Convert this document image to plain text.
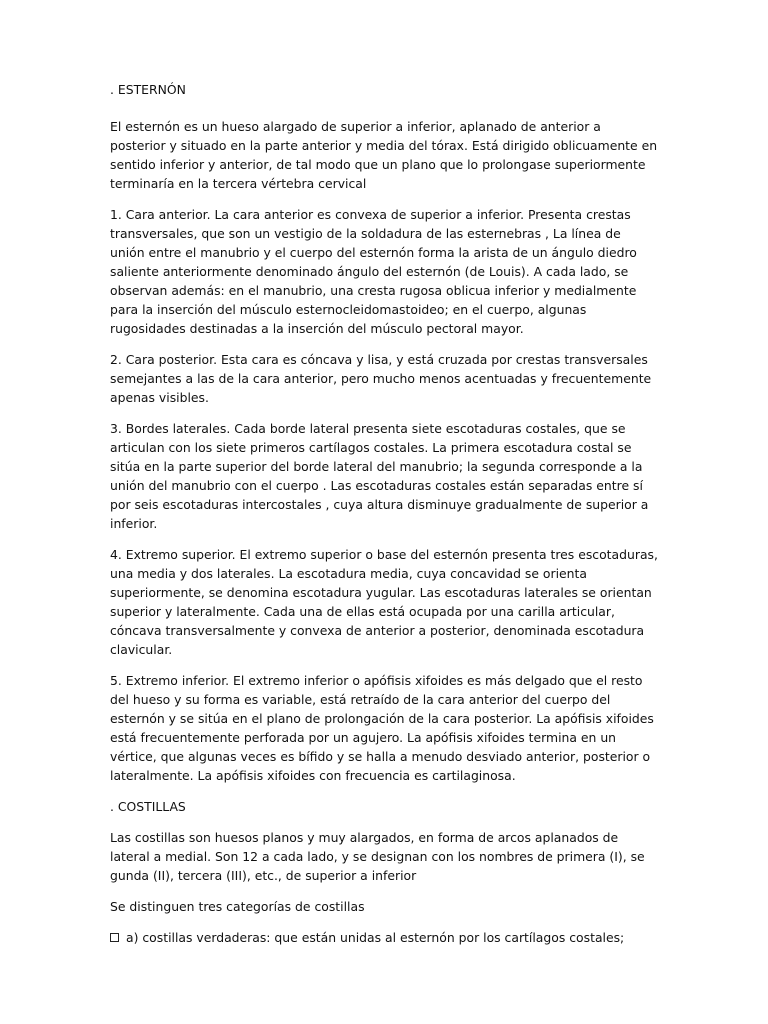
. ESTERNÓN

El esternón es un hueso alargado de superior a inferior, aplanado de anterior a posterior y situado en la parte anterior y media del tórax. Está dirigido oblicuamente en sentido inferior y anterior, de tal modo que un plano que lo prolongase superiormente terminaría en la tercera vértebra cervical

1. Cara anterior. La cara anterior es convexa de superior a inferior. Presenta crestas transversales, que son un vestigio de la soldadura de las esternebras , La línea de unión entre el manubrio y el cuerpo del esternón forma la arista de un ángulo diedro saliente anteriormente denominado ángulo del esternón (de Louis). A cada lado, se observan además: en el manubrio, una cresta rugosa oblicua inferior y medialmente para la inserción del músculo esternocleidomastoideo; en el cuerpo, algunas rugosidades destinadas a la inserción del músculo pectoral mayor.

2. Cara posterior. Esta cara es cóncava y lisa, y está cruzada por crestas transversales semejantes a las de la cara anterior, pero mucho menos acentuadas y frecuentemente apenas visibles.

3. Bordes laterales. Cada borde lateral presenta siete escotaduras costales, que se articulan con los siete primeros cartílagos costales. La primera escotadura costal se sitúa en la parte superior del borde lateral del manubrio; la segunda corresponde a la unión del manubrio con el cuerpo . Las escotaduras costales están separadas entre sí por seis escotaduras intercostales , cuya altura disminuye gradualmente de superior a inferior.

4. Extremo superior. El extremo superior o base del esternón presenta tres escotaduras, una media y dos laterales. La escotadura media, cuya concavidad se orienta superiormente, se denomina escotadura yugular. Las escotaduras laterales se orientan superior y lateralmente. Cada una de ellas está ocupada por una carilla articular, cóncava transversalmente y convexa de anterior a posterior, denominada escotadura clavicular.

5. Extremo inferior. El extremo inferior o apófisis xifoides es más delgado que el resto del hueso y su forma es variable, está retraído de la cara anterior del cuerpo del esternón y se sitúa en el plano de prolongación de la cara posterior. La apófisis xifoides está frecuentemente perforada por un agujero. La apófisis xifoides termina en un vértice, que algunas veces es bífido y se halla a menudo desviado anterior, posterior o lateralmente. La apófisis xifoides con frecuencia es cartilaginosa.

. COSTILLAS

Las costillas son huesos planos y muy alargados, en forma de arcos aplanados de lateral a medial. Son 12 a cada lado, y se designan con los nombres de primera (I), se gunda (II), tercera (III), etc., de superior a inferior

Se distinguen tres categorías de costillas

a) costillas verdaderas: que están unidas al esternón por los cartílagos costales;
